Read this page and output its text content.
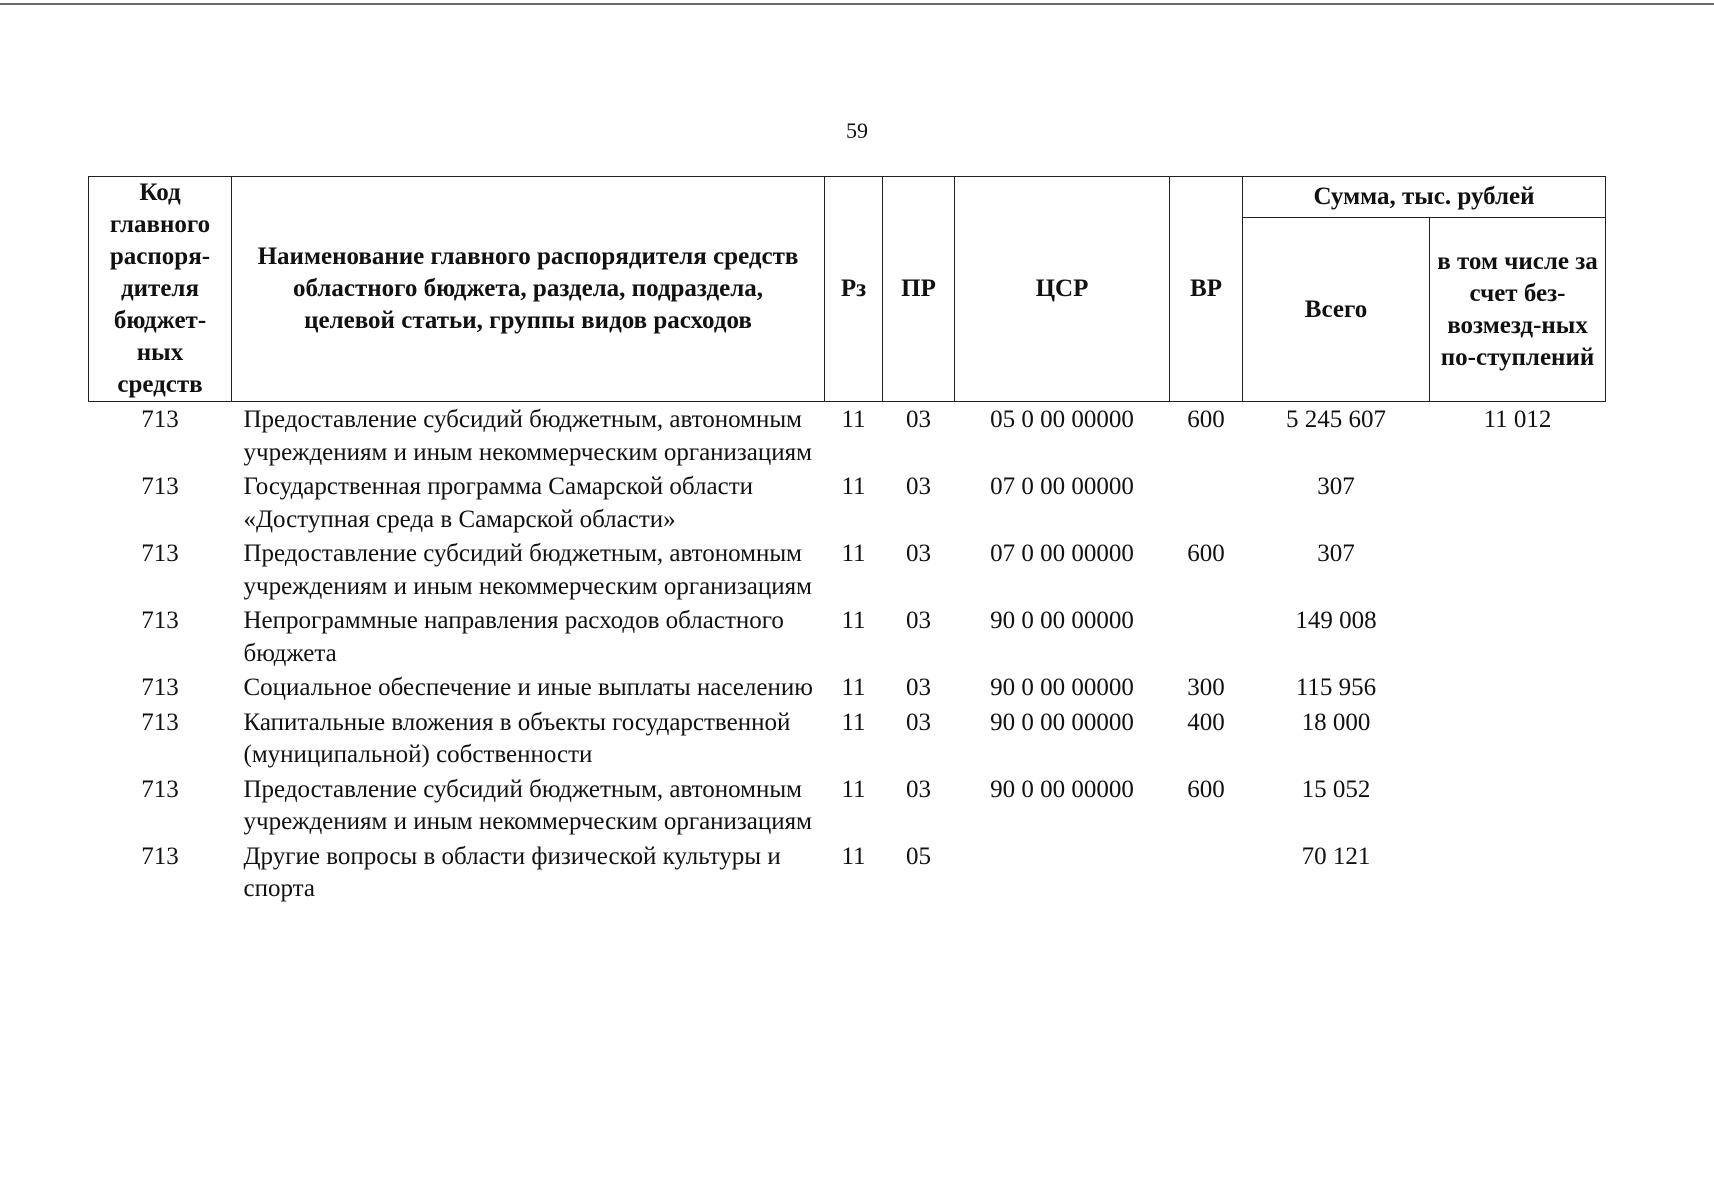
59
Код главного распоря-дителя бюджет-ных средств	Наименование главного распорядителя средств областного бюджета, раздела, подраздела, целевой статьи, группы видов расходов	Рз	ПР	ЦСР	ВР	Сумма, тыс. рублей	
						Всего	в том числе за счет без-возмезд-ных по-ступлений
713	Предоставление субсидий бюджетным, автономным учреждениям и иным некоммерческим организациям	11	03	05 0 00 00000	600	5 245 607	11 012
713	Государственная программа Самарской области «Доступная среда в Самарской области»	11	03	07 0 00 00000		307	
713	Предоставление субсидий бюджетным, автономным учреждениям и иным некоммерческим организациям	11	03	07 0 00 00000	600	307	
713	Непрограммные направления расходов областного бюджета	11	03	90 0 00 00000		149 008	
713	Социальное обеспечение и иные выплаты населению	11	03	90 0 00 00000	300	115 956	
713	Капитальные вложения в объекты государственной (муниципальной) собственности	11	03	90 0 00 00000	400	18 000	
713	Предоставление субсидий бюджетным, автономным учреждениям и иным некоммерческим организациям	11	03	90 0 00 00000	600	15 052	
713	Другие вопросы в области физической культуры и спорта	11	05			70 121	
